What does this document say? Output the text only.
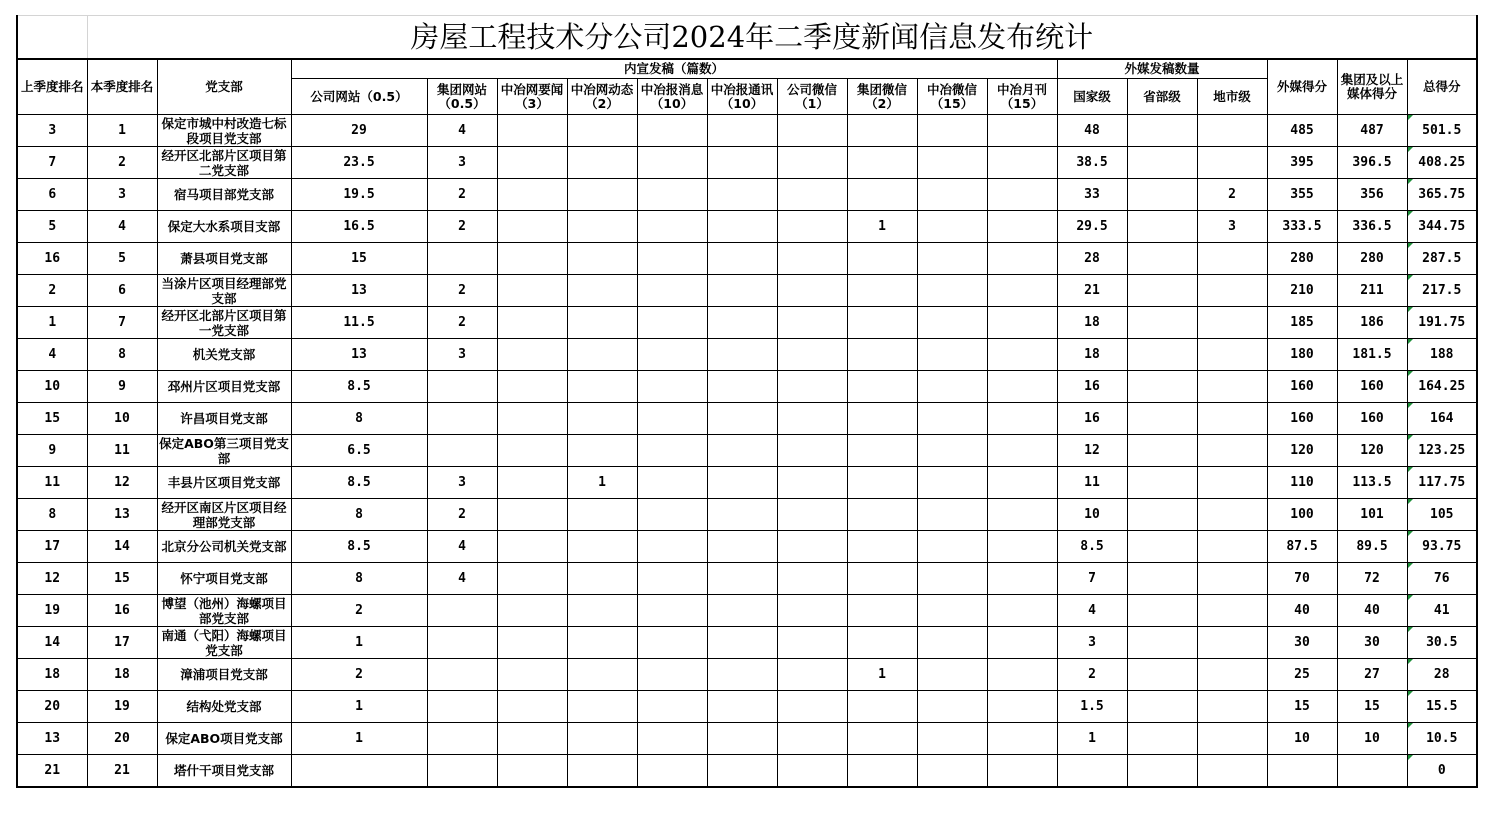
	房屋工程技术分公司2024年二季度新闻信息发布统计																	
上季度排名	本季度排名	党支部	内宣发稿（篇数）										外媒发稿数量			外媒得分	集团及以上媒体得分	总得分
			公司网站（0.5）	集团网站（0.5）	中冶网要闻（3）	中冶网动态（2）	中冶报消息（10）	中冶报通讯（10）	公司微信（1）	集团微信（2）	中冶微信（15）	中冶月刊（15）	国家级	省部级	地市级			
3	1	保定市城中村改造七标段项目党支部	29	4									48			485	487	501.5

7	2	经开区北部片区项目第二党支部	23.5	3									38.5			395	396.5	408.25

6	3	宿马项目部党支部	19.5	2									33		2	355	356	365.75

5	4	保定大水系项目支部	16.5	2						1			29.5		3	333.5	336.5	344.75

16	5	萧县项目党支部	15										28			280	280	287.5

2	6	当涂片区项目经理部党支部	13	2									21			210	211	217.5

1	7	经开区北部片区项目第一党支部	11.5	2									18			185	186	191.75

4	8	机关党支部	13	3									18			180	181.5	188

10	9	邳州片区项目党支部	8.5										16			160	160	164.25

15	10	许昌项目党支部	8										16			160	160	164

9	11	保定ABO第三项目党支部	6.5										12			120	120	123.25

11	12	丰县片区项目党支部	8.5	3		1							11			110	113.5	117.75

8	13	经开区南区片区项目经理部党支部	8	2									10			100	101	105

17	14	北京分公司机关党支部	8.5	4									8.5			87.5	89.5	93.75

12	15	怀宁项目党支部	8	4									7			70	72	76

19	16	博望（池州）海螺项目部党支部	2										4			40	40	41

14	17	南通（弋阳）海螺项目党支部	1										3			30	30	30.5

18	18	漳浦项目党支部	2							1			2			25	27	28

20	19	结构处党支部	1										1.5			15	15	15.5

13	20	保定ABO项目党支部	1										1			10	10	10.5

21	21	塔什干项目党支部																0
